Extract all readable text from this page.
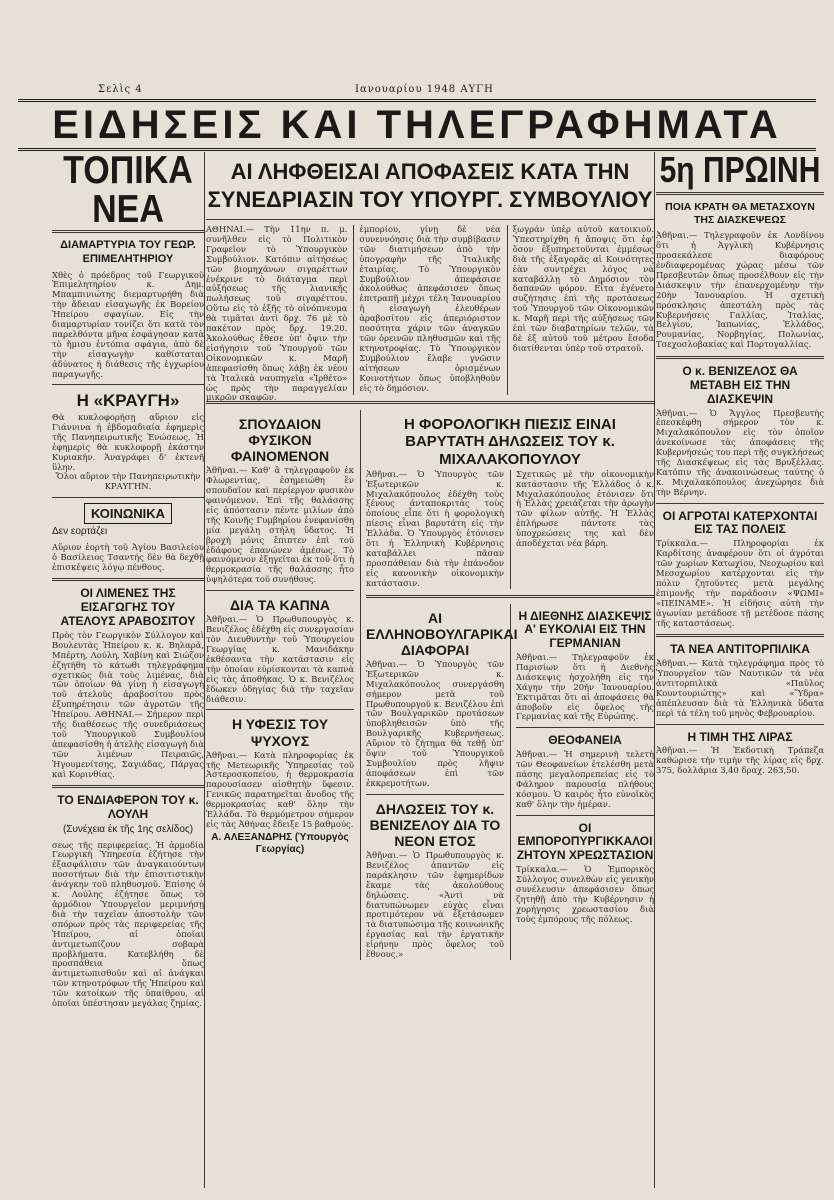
Σελὶς 4	Ιανουαρίου 1948 ΑΥΓΗ
ΕΙΔΗΣΕΙΣ ΚΑΙ ΤΗΛΕΓΡΑΦΗΜΑΤΑ
ΤΟΠΙΚΑ ΝΕΑ
ΔΙΑΜΑΡΤΥΡΙΑ ΤΟΥ ΓΕΩΡ. ΕΠΙΜΕΛΗΤΗΡΙΟΥ

Χθὲς ὁ πρόεδρος τοῦ Γεωργικοῦ Ἐπιμελητηρίου κ. Δημ. Μπαμπινιώτης διεμαρτυρήθη διὰ τὴν ἄδειαν εἰσαγωγῆς ἐκ Βορείου Ἠπείρου σφαγίων. Εἰς τὴν διαμαρτυρίαν τονίζει ὅτι κατὰ τὸν παρελθόντα μῆνα ἐσφάγησαν κατὰ τὸ ἥμισυ ἐντόπια σφάγια, ἀπὸ δὲ τὴν εἰσαγωγὴν καθίσταται ἀδύνατος ἡ διάθεσις τῆς ἐγχωρίου παραγωγῆς.

Η «ΚΡΑΥΓΗ»

Θὰ κυκλοφορήσῃ αὔριον εἰς Γιάννινα ἡ ἑβδομαδιαία ἐφημερὶς τῆς Πανηπειρωτικῆς Ἑνώσεως. Ἡ ἐφημερὶς θὰ κυκλοφορῇ ἐκάστην Κυριακήν. Ἀναγράφει δ' ἐκτενῆ ὕλην.

Ὅλοι αὔριον τὴν Πανηπειρωτικὴν ΚΡΑΥΓΗΝ.

ΚΟΙΝΩΝΙΚΑ
Δεν εορτάζει

Αὔριον ἑορτὴ τοῦ Ἁγίου Βασιλείου ὁ Βασίλειος Τσαντής δὲν θὰ δεχθῇ ἐπισκέψεις λόγῳ πένθους.

ΟΙ ΛΙΜΕΝΕΣ ΤΗΣ ΕΙΣΑΓΩΓΗΣ ΤΟΥ ΑΤΕΛΟΥΣ ΑΡΑΒΟΣΙΤΟΥ

Πρὸς τὸν Γεωργικὸν Σύλλογον καὶ Βουλευτὰς Ἠπείρου κ. κ. Βηλαρᾶ, Μπέρτη, Λούλη, Χαβίνη καὶ Σιώζον ἐζητήθη τὸ κάτωθι τηλεγράφημα σχετικῶς διὰ τοὺς λιμένας, διὰ τῶν ὁποίων θὰ γίνῃ ἡ εἰσαγωγὴ τοῦ ἀτελοῦς ἀραβοσίτου πρὸς ἐξυπηρέτησιν τῶν ἀγροτῶν τῆς Ἠπείρου. ΑΘΗΝΑΙ.— Σήμερον περὶ τῆς διαθέσεως τῆς συνεδριάσεως τοῦ Ὑπουργικοῦ Συμβουλίου ἀπεφασίσθη ἡ ἀτελὴς εἰσαγωγὴ διὰ τῶν λιμένων Πειραιῶς, Ἠγουμενίτσης, Σαγιάδας, Πάργας καὶ Κορινθίας.

ΤΟ ΕΝΔΙΑΦΕΡΟΝ ΤΟΥ κ. ΛΟΥΛΗ
(Συνέχεια ἐκ τῆς 1ης σελίδος)

σεως τῆς περιφερείας. Ἡ ἀρμοδία Γεωργικὴ Ὑπηρεσία ἐζήτησε τὴν ἐξασφάλισιν τῶν ἀναγκαιούντων ποσοτήτων διὰ τὴν ἐπισιτιστικὴν ἀνάγκην τοῦ πληθυσμοῦ. Ἐπίσης ὁ κ. Λούλης ἐζήτησε ὅπως τὸ ἀρμόδιον Ὑπουργεῖον μεριμνήσῃ διὰ τὴν ταχεῖαν ἀποστολὴν τῶν σπόρων πρὸς τὰς περιφερείας τῆς Ἠπείρου, αἱ ὁποῖαι ἀντιμετωπίζουν σοβαρὰ προβλήματα. Κατεβλήθη δὲ προσπάθεια ὅπως ἀντιμετωπισθοῦν καὶ αἱ ἀνάγκαι τῶν κτηνοτρόφων τῆς Ἠπείρου καὶ τῶν κατοίκων τῆς ὑπαίθρου, αἱ ὁποῖαι ὑπέστησαν μεγάλας ζημίας.

ΑΙ ΛΗΦΘΕΙΣΑΙ ΑΠΟΦΑΣΕΙΣ ΚΑΤΑ ΤΗΝ ΣΥΝΕΔΡΙΑΣΙΝ ΤΟΥ ΥΠΟΥΡΓ. ΣΥΜΒΟΥΛΙΟΥ

ΑΘΗΝΑΙ.— Τὴν 11ην π. μ. συνῆλθεν εἰς τὸ Πολιτικὸν Γραφεῖον τὸ Ὑπουργικὸν Συμβούλιον. Κατόπιν αἰτήσεως τῶν βιομηχάνων σιγαρέττων ἐνέκρινε τὸ διάταγμα περὶ αὐξήσεως τῆς λιανικῆς πωλήσεως τοῦ σιγαρέττου. Οὕτω εἰς τὸ ἑξῆς τὸ οἰνόπνευμα θὰ τιμᾶται ἀντὶ δρχ. 76 μὲ τὸ πακέτον πρὸς δρχ. 19.20. Ἀκολούθως ἔθεσε ὑπ' ὄψιν τὴν εἰσήγησιν τοῦ Ὑπουργοῦ τῶν Οἰκονομικῶν κ. Μαρῆ ἀπεφασίσθη ὅπως λάβῃ ἐκ νέου τὰ Ἰταλικὰ ναυπηγεῖα «Ἰρθέτο» ὡς πρὸς τὴν παραγγελίαν μικρῶν σκαφῶν.

ἐμπορίου, γίνῃ δὲ νέα συνεννόησις διὰ τὴν συμβίβασιν τῶν διατιμήσεων ἀπὸ τὴν ὑπογραφὴν τῆς Ἰταλικῆς ἐταιρίας. Τὸ Ὑπουργικὸν Συμβούλιον ἀπεφάσισε ἀκολούθως ἀπεφάσισεν ὅπως ἐπιτραπῇ μέχρι τέλη Ἰανουαρίου ἡ εἰσαγωγὴ ἐλευθέρων ἀραβοσίτου εἰς ἀπεριόριστον ποσότητα χάριν τῶν ἀναγκῶν τῶν ὀρεινῶν πληθυσμῶν καὶ τῆς κτηνοτροφίας. Τὸ Ὑπουργικὸν Συμβούλιον ἔλαβε γνῶσιν αἰτήσεων ὁρισμένων Κοινοτήτων ὅπως ὑποβληθοῦν εἰς τὸ δημόσιον.

ξωγράν ὑπὲρ αὐτοῦ κατοικιοῦ. Ὑπεστηρίχθη ἡ ἄποψις ὅτι ἐφ' ὅσον ἐξυπηρετοῦνται ἐμμέσως διὰ τῆς ἐξαγορᾶς αἱ Κοινότητες ἐὰν συντρέχει λόγος νὰ καταβάλλῃ τὸ Δημόσιον τὸν δαπανῶν φόρον. Εἶτα ἐγένετο συζήτησις ἐπὶ τῆς προτάσεως τοῦ Ὑπουργοῦ τῶν Οἰκονομικῶν κ. Μαρῆ περὶ τῆς αὐξήσεως τῶν ἐπὶ τῶν διαβατηρίων τελῶν, τὰ δὲ ἐξ αὐτοῦ τοῦ μέτρου ἔσοδα διατίθενται ὑπὲρ τοῦ στρατοῦ.

ΣΠΟΥΔΑΙΟΝ ΦΥΣΙΚΟΝ ΦΑΙΝΟΜΕΝΟΝ

Ἀθῆναι.— Καθ' ἃ τηλεγραφοῦν ἐκ Φλωρεντίας, ἐσημειώθη ἓν σπουδαῖον καὶ περίεργον φυσικὸν φαινόμενον. Ἐπὶ τῆς θαλάσσης εἰς ἀπόστασιν πέντε μιλίων ἀπὸ τῆς Κοινῆς Γυμβηρίου ἐνεφανίσθη μία μεγάλη στήλη ὕδατος. Ἡ βροχὴ μόνις ἔπιπτεν ἐπὶ τοῦ ἐδάφους ἐπανώνεν ἀμέσως. Τὸ φαινόμενον ἐξηγεῖται ἐκ τοῦ ὅτι ἡ θερμοκρασία τῆς θαλάσσης ἦτο ὑψηλότερα τοῦ συνήθους.

ΔΙΑ ΤΑ ΚΑΠΝΑ

Ἀθῆναι.— Ὁ Πρωθυπουργὸς κ. Βενιζέλος ἐδέχθη εἰς συνεργασίαν τὸν Διευθυντὴν τοῦ Ὑπουργείου Γεωργίας κ. Μανιδάκην ἐκθέσαντα τὴν κατάστασιν εἰς τὴν ὁποίαν εὑρίσκονται τὰ καπνὰ εἰς τὰς ἀποθήκας. Ὁ κ. Βενιζέλος ἔδωκεν ὁδηγίας διὰ τὴν ταχεῖαν διάθεσιν.

Η ΥΦΕΣΙΣ ΤΟΥ ΨΥΧΟΥΣ

Ἀθῆναι.— Κατὰ πληροφορίας ἐκ τῆς Μετεωρικῆς Ὑπηρεσίας τοῦ Ἀστεροσκοπείου, ἡ θερμοκρασία παρουσίασεν αἰσθητὴν ὕφεσιν. Γενικῶς παρατηρεῖται ἄνοδος τῆς θερμοκρασίας καθ' ὅλην τὴν Ἑλλάδα. Τὸ θερμόμετρον σήμερον εἰς τὰς Ἀθήνας ἔδειξε 15 βαθμούς.

Α. ΑΛΕΞΑΝΔΡΗΣ (Ὑπουργὸς Γεωργίας)
Η ΦΟΡΟΛΟΓΙΚΗ ΠΙΕΣΙΣ ΕΙΝΑΙ ΒΑΡΥΤΑΤΗ ΔΗΛΩΣΕΙΣ ΤΟΥ κ. ΜΙΧΑΛΑΚΟΠΟΥΛΟΥ

Ἀθῆναι.— Ὁ Ὑπουργὸς τῶν Ἐξωτερικῶν κ. Μιχαλακόπουλος ἐδέχθη τοὺς ξένους ἀνταποκριτὰς τοὺς ὁποίους εἶπε ὅτι ἡ φορολογικὴ πίεσις εἶναι βαρυτάτη εἰς τὴν Ἑλλάδα. Ὁ Ὑπουργὸς ἐτόνισεν ὅτι ἡ Ἑλληνικὴ Κυβέρνησις καταβάλλει πᾶσαν προσπάθειαν διὰ τὴν ἐπάνοδον εἰς κανονικὴν οἰκονομικὴν κατάστασιν.

Σχετικῶς μὲ τὴν οἰκονομικὴν κατάστασιν τῆς Ἑλλάδος ὁ κ. Μιχαλακόπουλος ἐτόνισεν ὅτι ἡ Ἑλλὰς χρειάζεται τὴν ἀρωγὴν τῶν φίλων αὐτῆς. Ἡ Ἑλλὰς ἐπλήρωσε πάντοτε τὰς ὑποχρεώσεις της καὶ δὲν ἀποδέχεται νέα βάρη.

ΑΙ ΕΛΛΗΝΟΒΟΥΛΓΑΡΙΚΑΙ ΔΙΑΦΟΡΑΙ

Ἀθῆναι.— Ὁ Ὑπουργὸς τῶν Ἐξωτερικῶν κ. Μιχαλακόπουλος συνεργάσθη σήμερον μετὰ τοῦ Πρωθυπουργοῦ κ. Βενιζέλου ἐπὶ τῶν Βουλγαρικῶν προτάσεων ὑποβληθεισῶν ὑπὸ τῆς Βουλγαρικῆς Κυβερνήσεως. Αὔριον τὸ ζήτημα θὰ τεθῇ ὑπ' ὄψιν τοῦ Ὑπουργικοῦ Συμβουλίου πρὸς λῆψιν ἀποφάσεων ἐπὶ τῶν ἐκκρεμοτήτων.

ΔΗΛΩΣΕΙΣ ΤΟΥ κ. ΒΕΝΙΖΕΛΟΥ ΔΙΑ ΤΟ ΝΕΟΝ ΕΤΟΣ

Ἀθῆναι.— Ὁ Πρωθυπουργὸς κ. Βενιζέλος ἀπαντῶν εἰς παράκλησιν τῶν ἐφημερίδων ἔκαμε τὰς ἀκολούθους δηλώσεις. «Ἀντὶ νὰ διατυπώνωμεν εὐχὰς εἶναι προτιμότερον νὰ ἐξετάσωμεν τὰ διατυπώσιμα τῆς κοινωνικῆς ἐργασίας καὶ τὴν ἐργατικὴν εἰρήνην πρὸς ὄφελος τοῦ ἔθνους.»

Η ΔΙΕΘΝΗΣ ΔΙΑΣΚΕΨΙΣ Α' ΕΥΚΟΛΙΑΙ ΕΙΣ ΤΗΝ ΓΕΡΜΑΝΙΑΝ

Ἀθῆναι.— Τηλεγραφοῦν ἐκ Παρισίων ὅτι ἡ Διεθνὴς Διάσκεψις ἠσχολήθη εἰς τὴν Χάγην τὴν 20ὴν Ἰανουαρίου. Ἐκτιμᾶται ὅτι αἱ ἀποφάσεις θὰ ἀποβοῦν εἰς ὄφελος τῆς Γερμανίας καὶ τῆς Εὐρώπης.

ΘΕΟΦΑΝΕΙΑ

Ἀθῆναι.— Ἡ σημερινὴ τελετὴ τῶν Θεοφανείων ἐτελέσθη μετὰ πάσης μεγαλοπρεπείας εἰς τὸ Φάληρον παρουσίᾳ πλήθους κόσμου. Ὁ καιρὸς ἦτο εὐνοϊκὸς καθ' ὅλην τὴν ἡμέραν.

ΟΙ ΕΜΠΟΡΟΠΥΡΓΙΚΚΑΛΟΙ ΖΗΤΟΥΝ ΧΡΕΩΣΤΑΣΙΟΝ

Τρίκκαλα.— Ὁ Ἐμπορικὸς Σύλλογος συνελθὼν εἰς γενικὴν συνέλευσιν ἀπεφάσισεν ὅπως ζητηθῇ ἀπὸ τὴν Κυβέρνησιν ἡ χορήγησις χρεωστασίου διὰ τοὺς ἐμπόρους τῆς πόλεως.

5η ΠΡΩΙΝΗ
ΠΟΙΑ ΚΡΑΤΗ ΘΑ ΜΕΤΑΣΧΟΥΝ ΤΗΣ ΔΙΑΣΚΕΨΕΩΣ

Ἀθῆναι.— Τηλεγραφοῦν ἐκ Λονδίνου ὅτι ἡ Ἀγγλικὴ Κυβέρνησις προσεκάλεσε διαφόρους ἐνδιαφερομένας χώρας μέσω τῶν Πρεσβευτῶν ὅπως προσέλθουν εἰς τὴν Διάσκεψιν τὴν ἐπανερχομένην τὴν 20ὴν Ἰανουαρίου. Ἡ σχετικὴ πρόσκλησις ἀπεστάλη πρὸς τὰς Κυβερνήσεις Γαλλίας, Ἰταλίας, Βελγίου, Ἰαπωνίας, Ἑλλάδος, Ρουμανίας, Νορβηγίας, Πολωνίας, Τσεχοσλοβακίας καὶ Πορτογαλλίας.

Ο κ. ΒΕΝΙΖΕΛΟΣ ΘΑ ΜΕΤΑΒΗ ΕΙΣ ΤΗΝ ΔΙΑΣΚΕΨΙΝ

Ἀθῆναι.— Ὁ Ἄγγλος Πρεσβευτὴς ἐπεσκέφθη σήμερον τὸν κ. Μιχαλακόπουλον εἰς τὸν ὁποῖον ἀνεκοίνωσε τὰς ἀποφάσεις τῆς Κυβερνήσεώς του περὶ τῆς συγκλήσεως τῆς Διασκέψεως εἰς τὰς Βρυξέλλας. Κατόπιν τῆς ἀνακοινώσεως ταύτης ὁ κ. Μιχαλακόπουλος ἀνεχώρησε διὰ τὴν Βέρνην.

ΟΙ ΑΓΡΟΤΑΙ ΚΑΤΕΡΧΟΝΤΑΙ ΕΙΣ ΤΑΣ ΠΟΛΕΙΣ

Τρίκκαλα.— Πληροφορίαι ἐκ Καρδίτσης ἀναφέρουν ὅτι οἱ ἀγρόται τῶν χωρίων Κατωχίου, Νεοχωρίου καὶ Μεσοχωρίου κατέρχονται εἰς τὴν πόλιν ζητοῦντες μετὰ μεγάλης ἐπιμονῆς τὴν παράδοσιν «ΨΩΜΙ» «ΠΕΙΝΑΜΕ». Ἡ εἰδήσις αὐτὴ τὴν ἀγωνίαν μετάδοσε τῇ μετέδοσε πάσης τῆς καταστάσεως.

ΤΑ ΝΕΑ ΑΝΤΙΤΟΡΠΙΛΙΚΑ

Ἀθῆναι.— Κατὰ τηλεγράφημα πρὸς τὸ Ὑπουργεῖον τῶν Ναυτικῶν τὰ νέα ἀντιτορπιλικὰ «Παῦλος Κουντουριώτης» καὶ «Ὕδρα» ἀπέπλευσαν διὰ τὰ Ἑλληνικὰ ὕδατα περὶ τὰ τέλη τοῦ μηνὸς Φεβρουαρίου.

Η ΤΙΜΗ ΤΗΣ ΛΙΡΑΣ

Ἀθῆναι.— Ἡ Ἐκδοτικὴ Τράπεζα καθώρισε τὴν τιμὴν τῆς λίρας εἰς δρχ. 375, δολλάρια 3,40 δραχ. 263,50.
